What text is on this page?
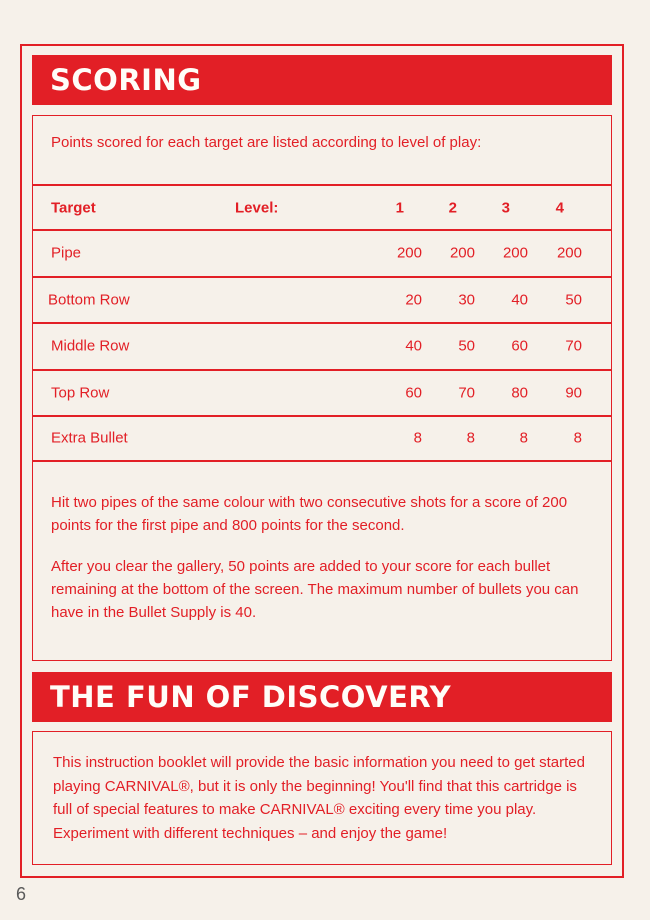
SCORING
Points scored for each target are listed according to level of play:
Target	Level:	1	2	3	4
Pipe	200	200	200	200
Bottom Row	20	30	40	50
Middle Row	40	50	60	70
Top Row	60	70	80	90
Extra Bullet	8	8	8	8
Hit two pipes of the same colour with two consecutive shots for a score of 200 points for the first pipe and 800 points for the second.
After you clear the gallery, 50 points are added to your score for each bullet remaining at the bottom of the screen. The maximum number of bullets you can have in the Bullet Supply is 40.
THE FUN OF DISCOVERY
This instruction booklet will provide the basic information you need to get started playing CARNIVAL®, but it is only the beginning! You'll find that this cartridge is full of special features to make CARNIVAL® exciting every time you play. Experiment with different techniques – and enjoy the game!
6
